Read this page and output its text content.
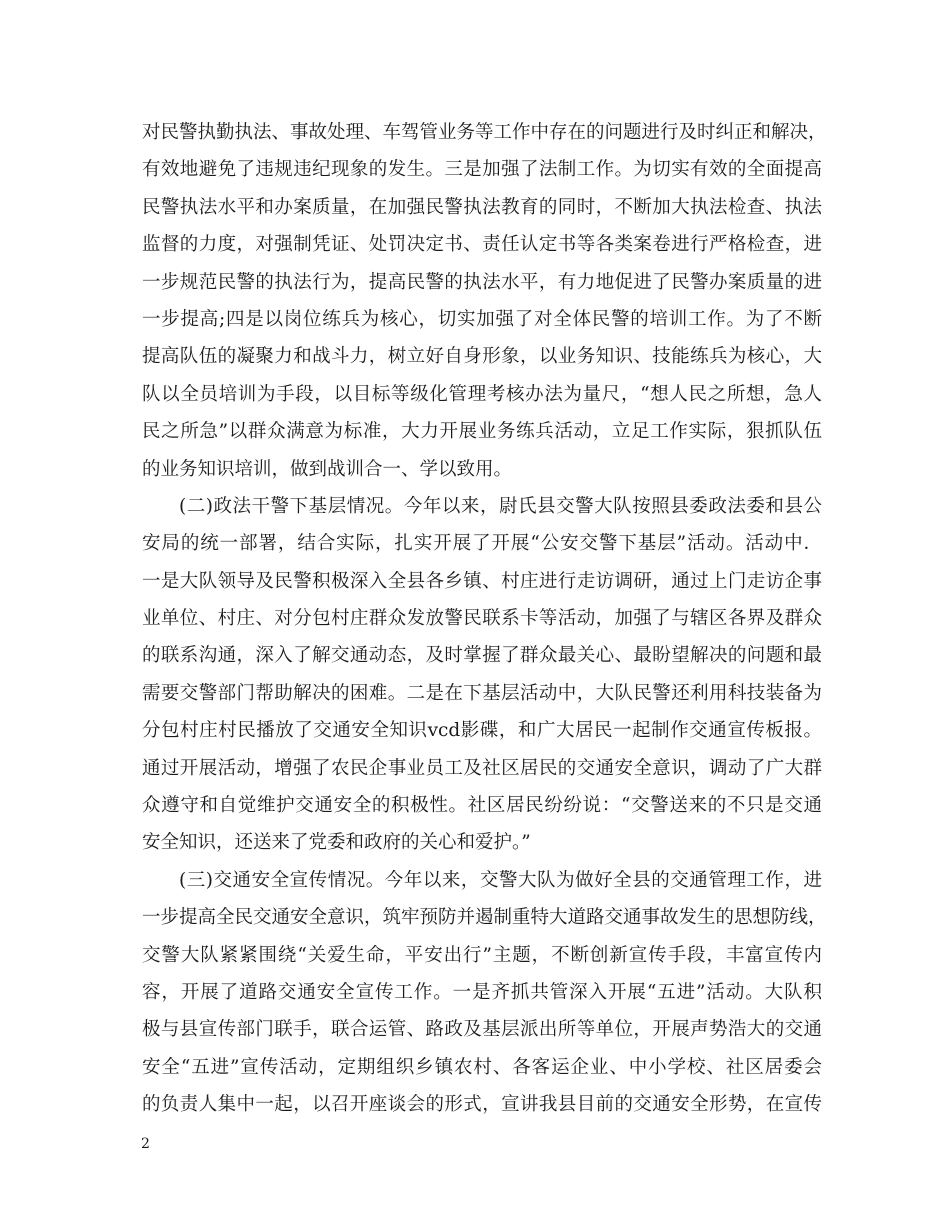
对民警执勤执法、事故处理、车驾管业务等工作中存在的问题进行及时纠正和解决，
有效地避免了违规违纪现象的发生。三是加强了法制工作。为切实有效的全面提高
民警执法水平和办案质量，在加强民警执法教育的同时，不断加大执法检查、执法
监督的力度，对强制凭证、处罚决定书、责任认定书等各类案卷进行严格检查，进
一步规范民警的执法行为，提高民警的执法水平，有力地促进了民警办案质量的进
一步提高;四是以岗位练兵为核心，切实加强了对全体民警的培训工作。为了不断
提高队伍的凝聚力和战斗力，树立好自身形象，以业务知识、技能练兵为核心，大
队以全员培训为手段，以目标等级化管理考核办法为量尺，“想人民之所想，急人
民之所急”以群众满意为标准，大力开展业务练兵活动，立足工作实际，狠抓队伍
的业务知识培训，做到战训合一、学以致用。
(二)政法干警下基层情况。今年以来，尉氏县交警大队按照县委政法委和县公
安局的统一部署，结合实际，扎实开展了开展“公安交警下基层”活动。活动中．
一是大队领导及民警积极深入全县各乡镇、村庄进行走访调研，通过上门走访企事
业单位、村庄、对分包村庄群众发放警民联系卡等活动，加强了与辖区各界及群众
的联系沟通，深入了解交通动态，及时掌握了群众最关心、最盼望解决的问题和最
需要交警部门帮助解决的困难。二是在下基层活动中，大队民警还利用科技装备为
分包村庄村民播放了交通安全知识vcd影碟，和广大居民一起制作交通宣传板报。
通过开展活动，增强了农民企事业员工及社区居民的交通安全意识，调动了广大群
众遵守和自觉维护交通安全的积极性。社区居民纷纷说：“交警送来的不只是交通
安全知识，还送来了党委和政府的关心和爱护。”
(三)交通安全宣传情况。今年以来，交警大队为做好全县的交通管理工作，进
一步提高全民交通安全意识，筑牢预防并遏制重特大道路交通事故发生的思想防线，
交警大队紧紧围绕“关爱生命，平安出行”主题，不断创新宣传手段，丰富宣传内
容，开展了道路交通安全宣传工作。一是齐抓共管深入开展“五进”活动。大队积
极与县宣传部门联手，联合运管、路政及基层派出所等单位，开展声势浩大的交通
安全“五进”宣传活动，定期组织乡镇农村、各客运企业、中小学校、社区居委会
的负责人集中一起，以召开座谈会的形式，宣讲我县目前的交通安全形势，在宣传
2
